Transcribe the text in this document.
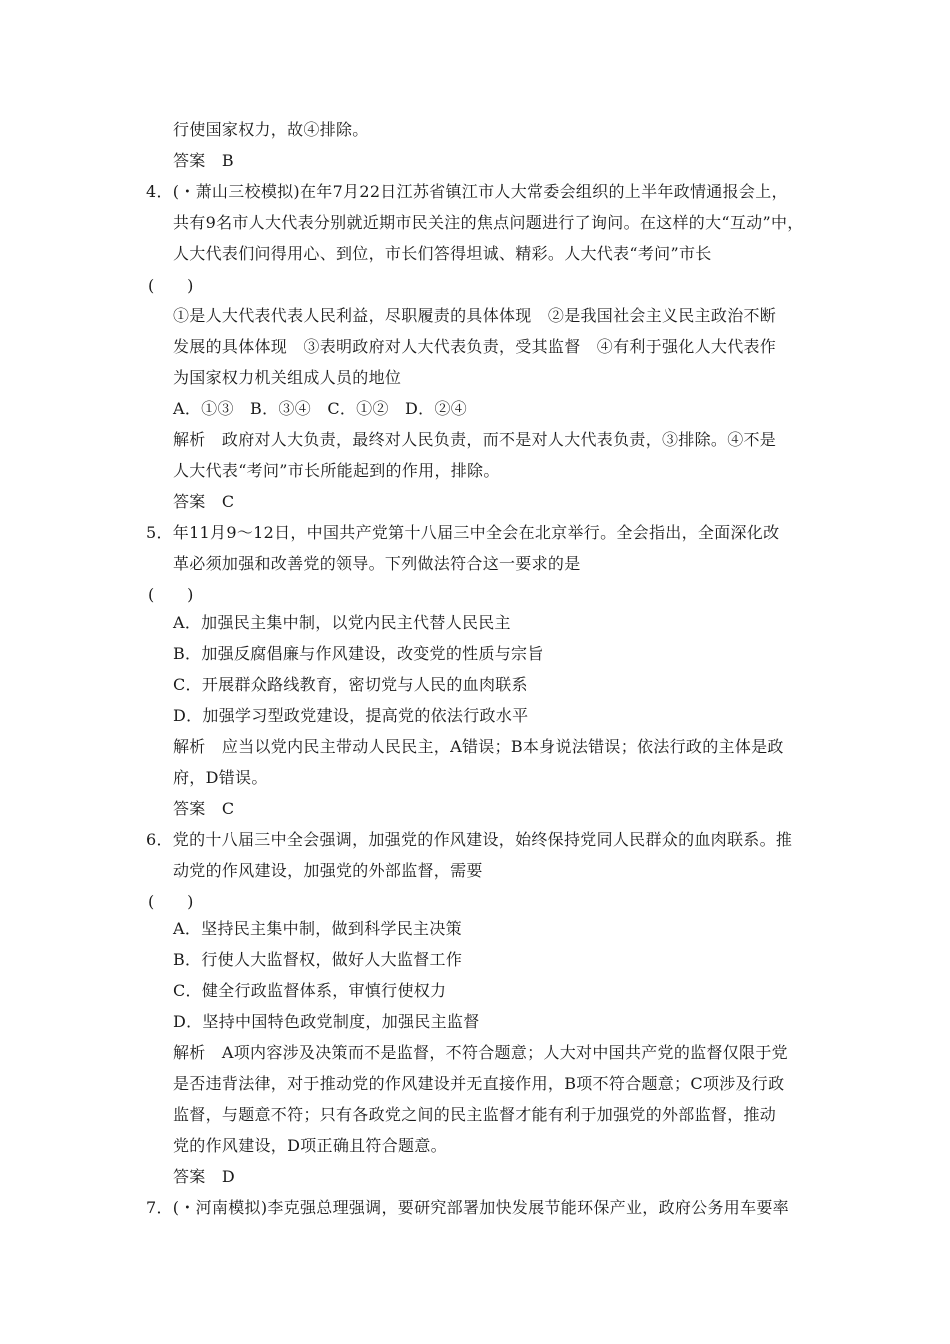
行使国家权力，故④排除。
答案　B
4．(・萧山三校模拟)在年7月22日江苏省镇江市人大常委会组织的上半年政情通报会上，
共有9名市人大代表分别就近期市民关注的焦点问题进行了询问。在这样的大“互动”中，
人大代表们问得用心、到位，市长们答得坦诚、精彩。人大代表“考问”市长
(　　)
①是人大代表代表人民利益，尽职履责的具体体现　②是我国社会主义民主政治不断
发展的具体体现　③表明政府对人大代表负责，受其监督　④有利于强化人大代表作
为国家权力机关组成人员的地位
A．①③　B．③④　C．①②　D．②④
解析　政府对人大负责，最终对人民负责，而不是对人大代表负责，③排除。④不是
人大代表“考问”市长所能起到的作用，排除。
答案　C
5．年11月9～12日，中国共产党第十八届三中全会在北京举行。全会指出，全面深化改
革必须加强和改善党的领导。下列做法符合这一要求的是
(　　)
A．加强民主集中制，以党内民主代替人民民主
B．加强反腐倡廉与作风建设，改变党的性质与宗旨
C．开展群众路线教育，密切党与人民的血肉联系
D．加强学习型政党建设，提高党的依法行政水平
解析　应当以党内民主带动人民民主，A错误；B本身说法错误；依法行政的主体是政
府，D错误。
答案　C
6．党的十八届三中全会强调，加强党的作风建设，始终保持党同人民群众的血肉联系。推
动党的作风建设，加强党的外部监督，需要
(　　)
A．坚持民主集中制，做到科学民主决策
B．行使人大监督权，做好人大监督工作
C．健全行政监督体系，审慎行使权力
D．坚持中国特色政党制度，加强民主监督
解析　A项内容涉及决策而不是监督，不符合题意；人大对中国共产党的监督仅限于党
是否违背法律，对于推动党的作风建设并无直接作用，B项不符合题意；C项涉及行政
监督，与题意不符；只有各政党之间的民主监督才能有利于加强党的外部监督，推动
党的作风建设，D项正确且符合题意。
答案　D
7．(・河南模拟)李克强总理强调，要研究部署加快发展节能环保产业，政府公务用车要率
